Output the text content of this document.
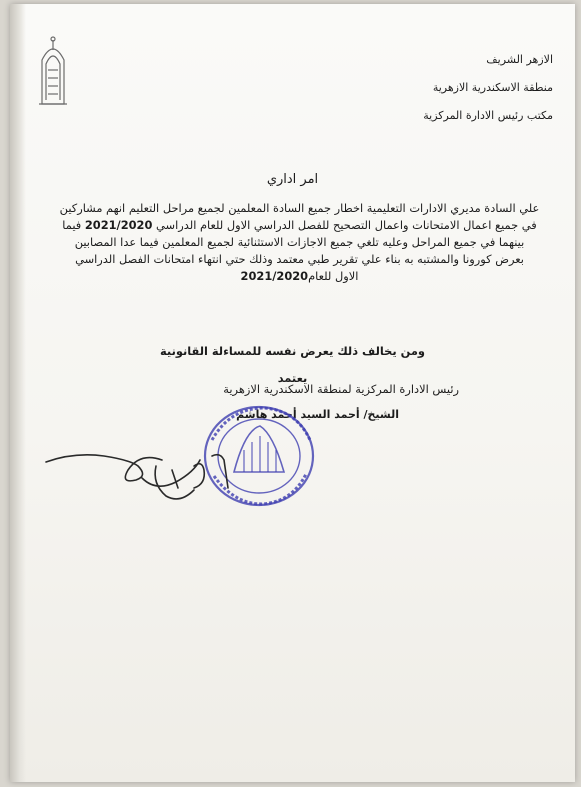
الازهر الشريف
منطقة الاسكندرية الازهرية
مكتب رئيس الادارة المركزية
امر اداري
علي السادة مديري الادارات التعليمية اخطار جميع السادة المعلمين لجميع مراحل التعليم انهم مشاركين
في جميع اعمال الامتحانات واعمال التصحيح للفصل الدراسي الاول للعام الدراسي 2021/2020 فيما
بينهما في جميع المراحل وعليه تلغي جميع الاجازات الاستثنائية لجميع المعلمين فيما عدا المصابين
بعرض كورونا والمشتبه به بناء علي تقرير طبي معتمد وذلك حتي انتهاء امتحانات الفصل الدراسي
الاول للعام2021/2020
ومن يخالف ذلك يعرض نفسه للمساءلة القانونية
يعتمد
رئيس الادارة المركزية لمنطقة الاسكندرية الازهرية
الشيخ/ أحمد السيد أحمد هاشم
